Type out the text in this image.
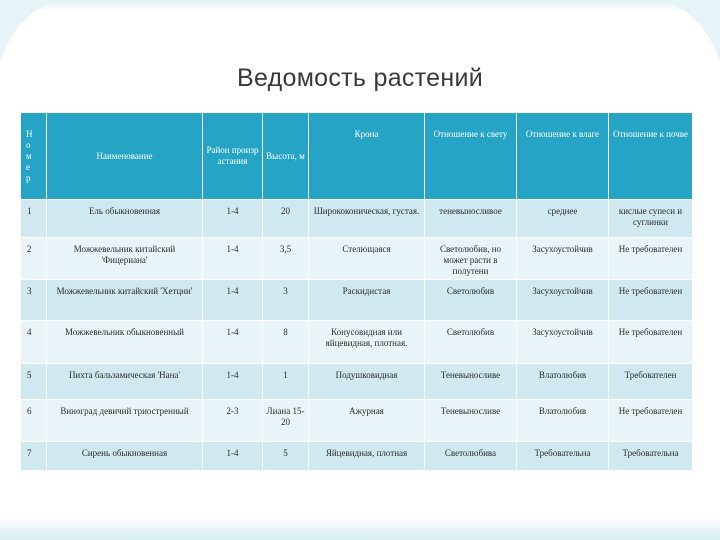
Ведомость растений
Н о м ер	Наименование	Район произрастания	Высота, м	Крона	Отношение к свету	Отношение к влаге	Отношение к почве
1	Ель обыкновенная	1-4	20	Ширококоническая, густая.	теневыносливое	среднее	кислые супеси и суглинки
2	Можжевельник китайский 'Фицериана'	1-4	3,5	Стелющаяся	Светолюбив, но может расти в полутени	Засухоустойчив	Не требователен
3	Можжевельник китайский 'Хетцни'	1-4	3	Раскидистая	Светолюбив	Засухоустойчив	Не требователен
4	Можжевельник обыкновенный	1-4	8	Конусовидная или яйцевидная, плотная.	Светолюбив	Засухоустойчив	Не требователен
5	Пихта бальзамическая 'Нана'	1-4	1	Подушковидная	Теневыносливе	Влатолюбив	Требователен
6	Виноград девичий триостренный	2-3	Лиана 15-20	Ажурная	Теневыносливе	Влатолюбив	Не требователен
7	Сирень обыкновенная	1-4	5	Яйцевидная, плотная	Светолюбива	Требовательна	Требовательна
